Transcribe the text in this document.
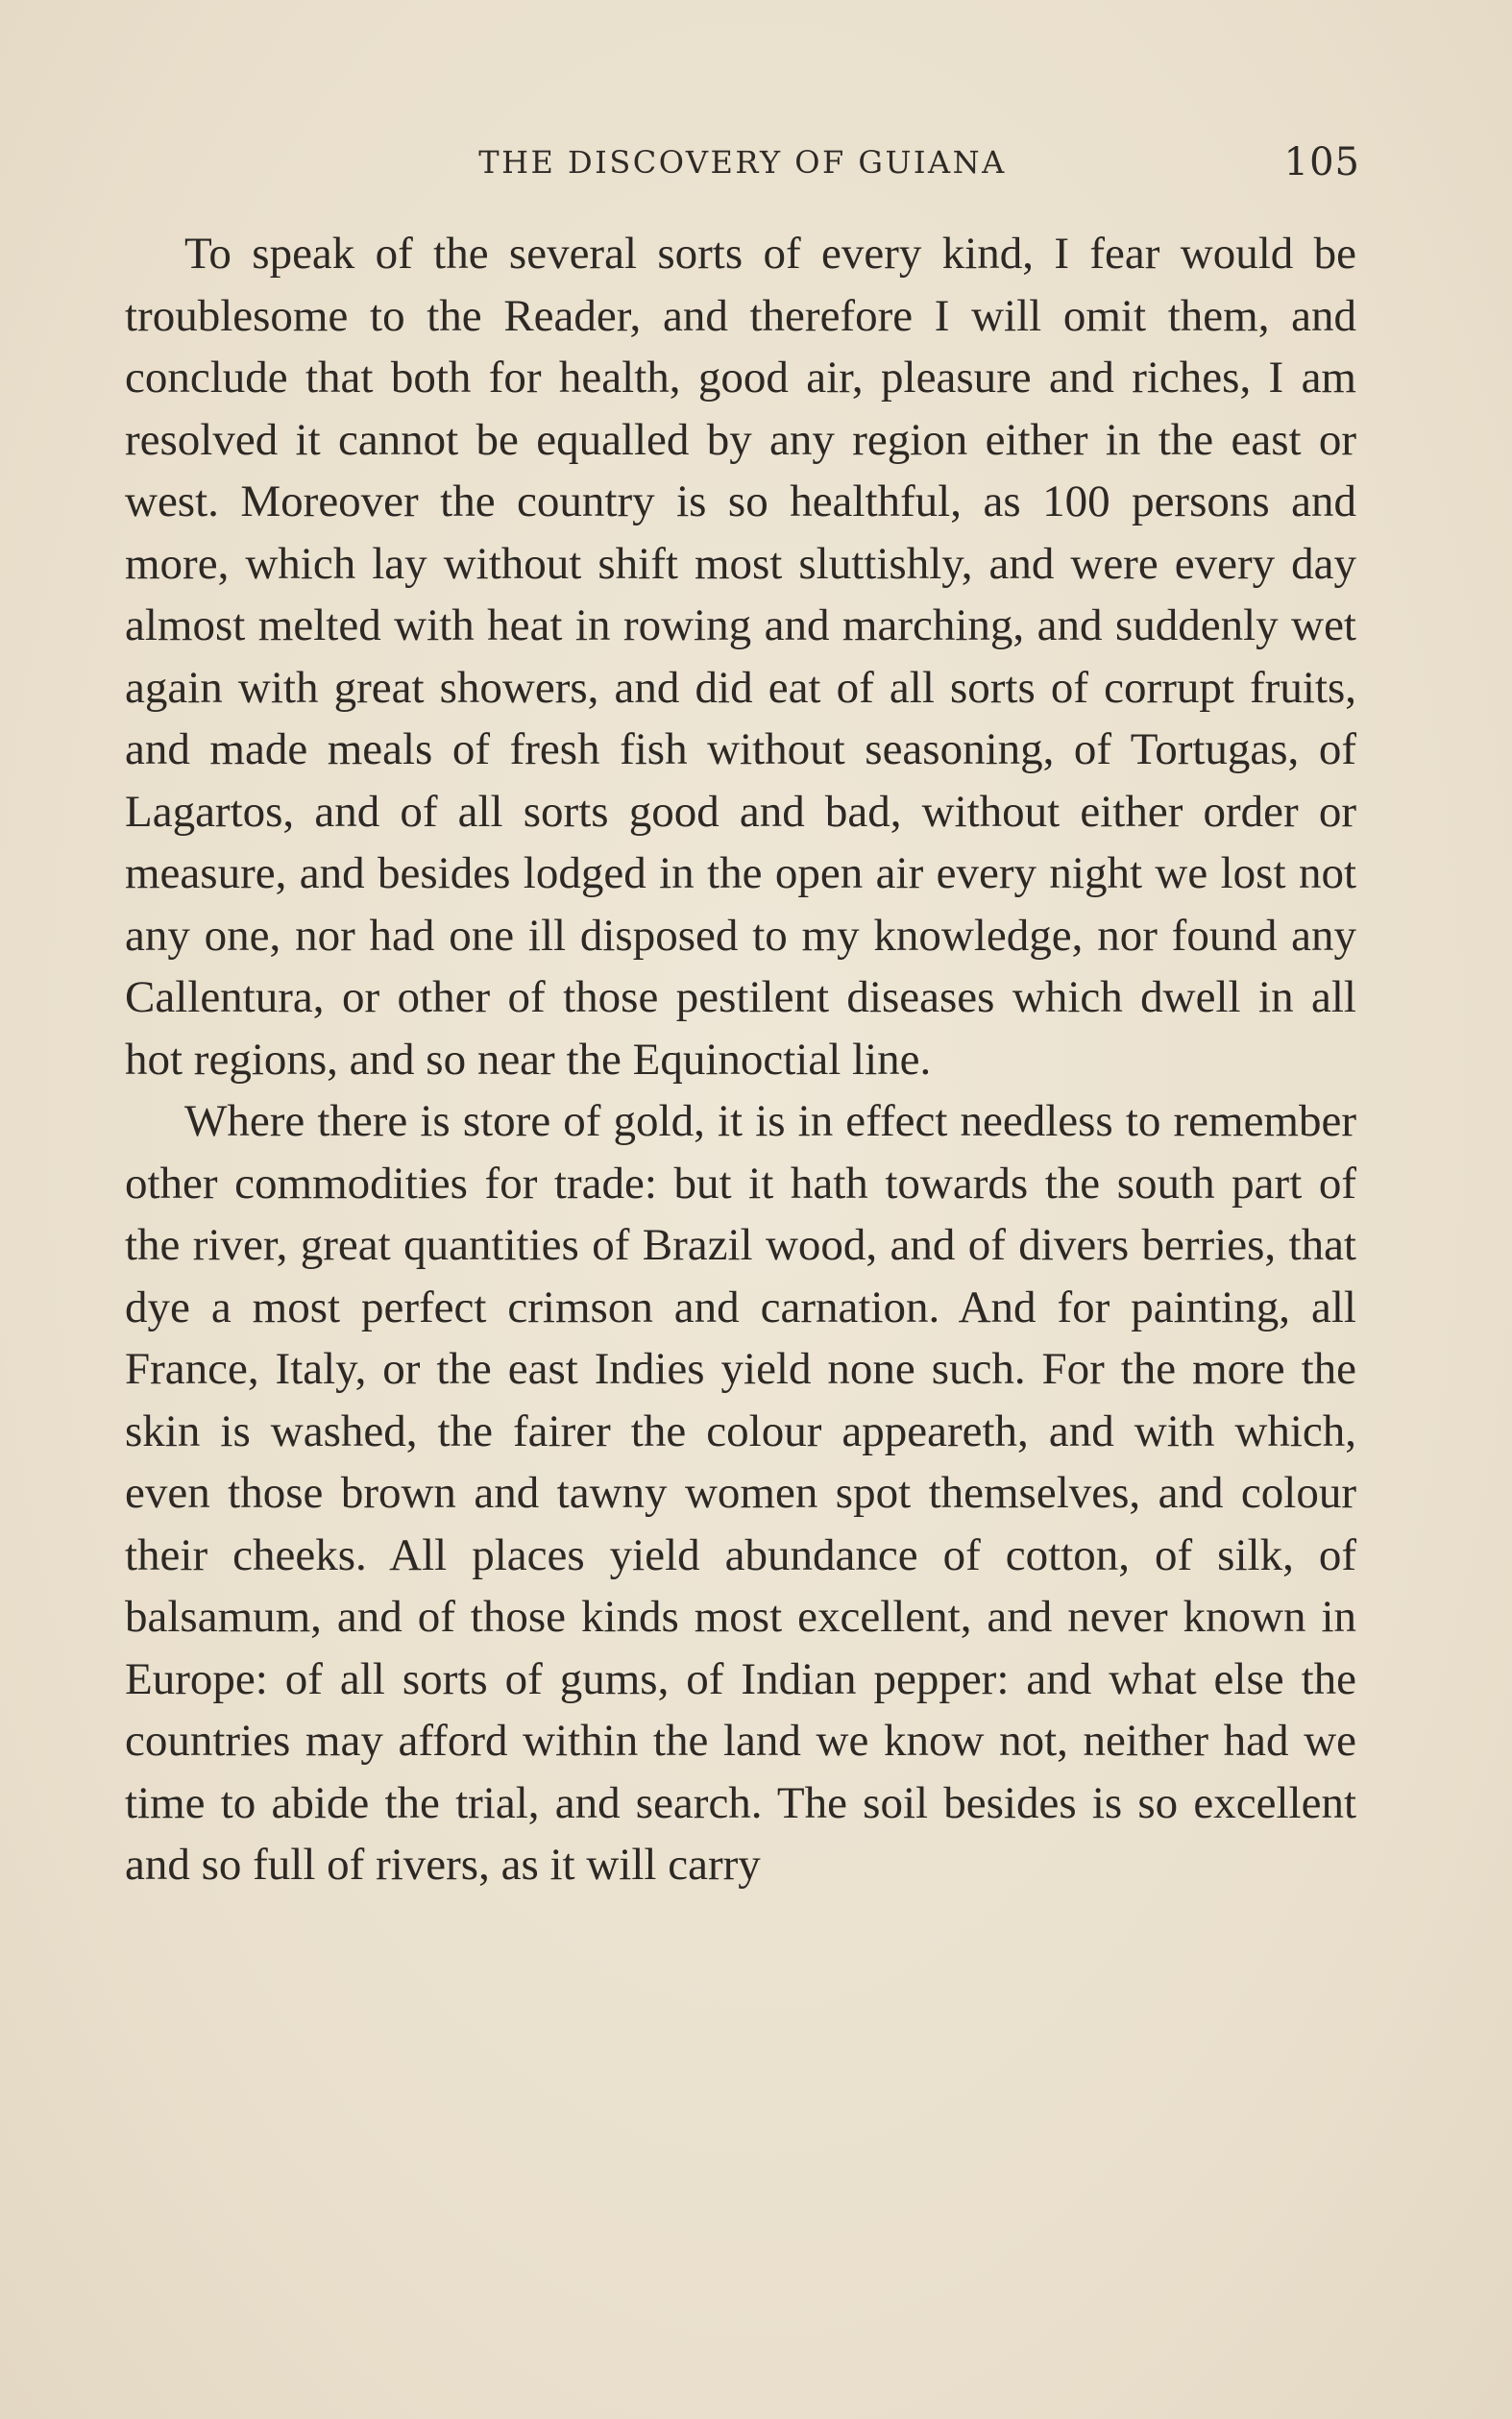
THE DISCOVERY OF GUIANA	105

To speak of the several sorts of every kind, I fear would be troublesome to the Reader, and therefore I will omit them, and conclude that both for health, good air, pleasure and riches, I am resolved it cannot be equalled by any region either in the east or west. Moreover the country is so healthful, as 100 persons and more, which lay without shift most sluttishly, and were every day almost melted with heat in rowing and marching, and suddenly wet again with great showers, and did eat of all sorts of corrupt fruits, and made meals of fresh fish without seasoning, of Tortugas, of Lagartos, and of all sorts good and bad, without either order or measure, and besides lodged in the open air every night we lost not any one, nor had one ill disposed to my knowledge, nor found any Callentura, or other of those pestilent diseases which dwell in all hot regions, and so near the Equinoctial line.

Where there is store of gold, it is in effect needless to remember other commodities for trade: but it hath towards the south part of the river, great quantities of Brazil wood, and of divers berries, that dye a most perfect crimson and carnation. And for painting, all France, Italy, or the east Indies yield none such. For the more the skin is washed, the fairer the colour appeareth, and with which, even those brown and tawny women spot themselves, and colour their cheeks. All places yield abundance of cotton, of silk, of balsamum, and of those kinds most excellent, and never known in Europe: of all sorts of gums, of Indian pepper: and what else the countries may afford within the land we know not, neither had we time to abide the trial, and search. The soil besides is so excellent and so full of rivers, as it will carry
